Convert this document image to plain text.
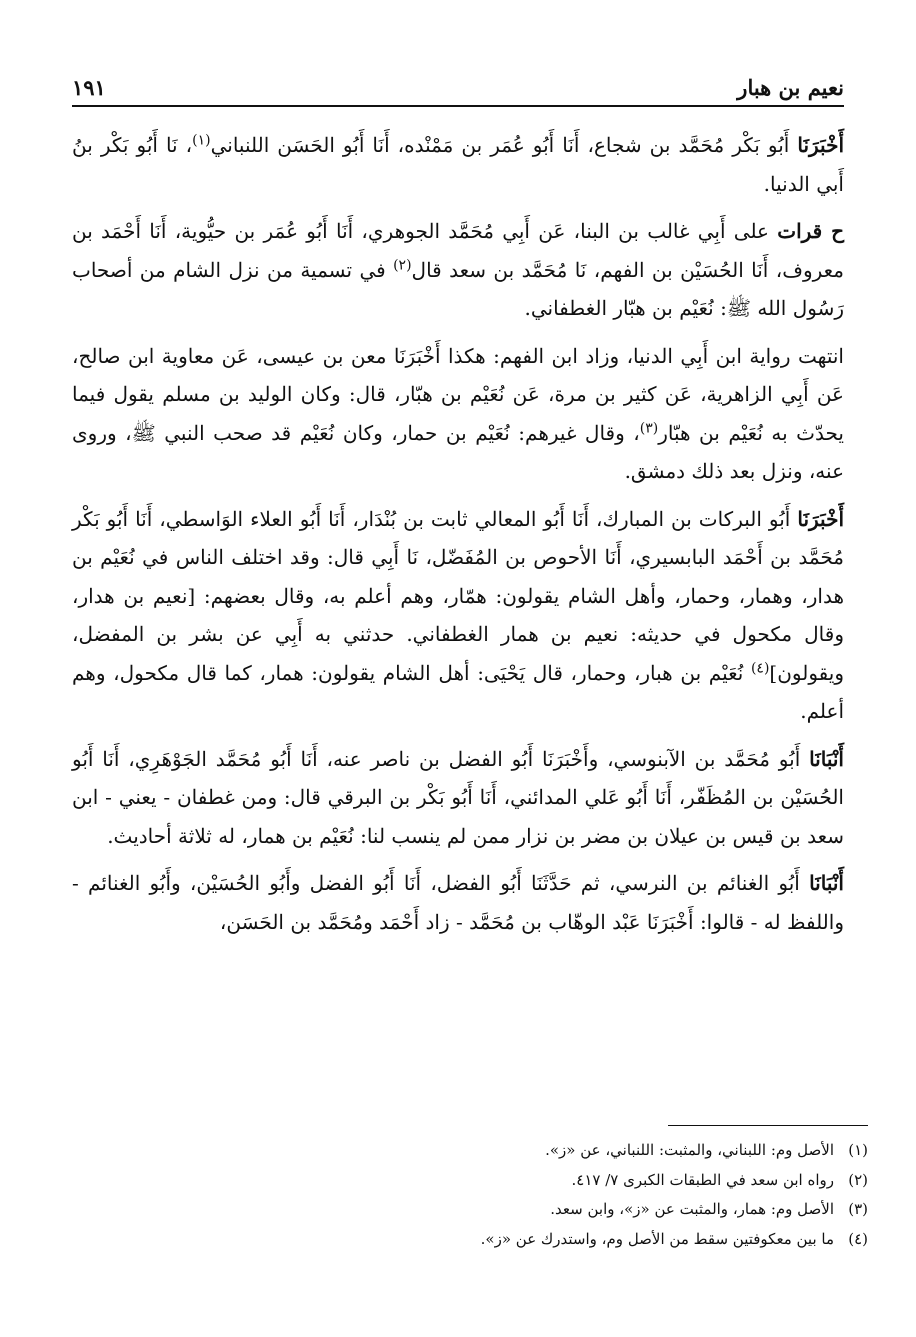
نعيم بن هبار
١٩١

أَخْبَرَنَا أَبُو بَكْر مُحَمَّد بن شجاع، أَنَا أَبُو عُمَر بن مَمْنْده، أَنَا أَبُو الحَسَن اللنباني$^{(١)}$، نَا أَبُو بَكْر بنُ أَبي الدنيا.

ح قرات على أَبِي غالب بن البنا، عَن أَبِي مُحَمَّد الجوهري، أَنَا أَبُو عُمَر بن حيُّوية، أَنَا أَحْمَد بن معروف، أَنَا الحُسَيْن بن الفهم، نَا مُحَمَّد بن سعد قال$^{(٢)}$ في تسمية من نزل الشام من أصحاب رَسُول الله ﷺ: نُعَيْم بن هبّار الغطفاني.

انتهت رواية ابن أَبِي الدنيا، وزاد ابن الفهم: هكذا أَخْبَرَنَا معن بن عيسى، عَن معاوية ابن صالح، عَن أَبِي الزاهرية، عَن كثير بن مرة، عَن نُعَيْم بن هبّار، قال: وكان الوليد بن مسلم يقول فيما يحدّث به نُعَيْم بن هبّار$^{(٣)}$، وقال غيرهم: نُعَيْم بن حمار، وكان نُعَيْم قد صحب النبي ﷺ، وروى عنه، ونزل بعد ذلك دمشق.

أَخْبَرَنَا أَبُو البركات بن المبارك، أَنَا أَبُو المعالي ثابت بن بُنْدَار، أَنَا أَبُو العلاء الوَاسطي، أَنَا أَبُو بَكْر مُحَمَّد بن أَحْمَد البابسيري، أَنَا الأحوص بن المُفَضّل، نَا أَبِي قال: وقد اختلف الناس في نُعَيْم بن هدار، وهمار، وحمار، وأهل الشام يقولون: همّار، وهم أعلم به، وقال بعضهم: [نعيم بن هدار، وقال مكحول في حديثه: نعيم بن همار الغطفاني. حدثني به أَبِي عن بشر بن المفضل، ويقولون]$^{(٤)}$ نُعَيْم بن هبار، وحمار، قال يَحْيَى: أهل الشام يقولون: همار، كما قال مكحول، وهم أعلم.

أَنْبَانَا أَبُو مُحَمَّد بن الآبنوسي، وأَخْبَرَنَا أَبُو الفضل بن ناصر عنه، أَنَا أَبُو مُحَمَّد الجَوْهَرِي، أَنَا أَبُو الحُسَيْن بن المُظَفّر، أَنَا أَبُو عَلي المدائني، أَنَا أَبُو بَكْر بن البرقي قال: ومن غطفان - يعني - ابن سعد بن قيس بن عيلان بن مضر بن نزار ممن لم ينسب لنا: نُعَيْم بن همار، له ثلاثة أحاديث.

أَنْبَانَا أَبُو الغنائم بن النرسي، ثم حَدَّثَنَا أَبُو الفضل، أَنَا أَبُو الفضل وأَبُو الحُسَيْن، وأَبُو الغنائم - واللفظ له - قالوا: أَخْبَرَنَا عَبْد الوهّاب بن مُحَمَّد - زاد أَحْمَد ومُحَمَّد بن الحَسَن،

(١)الأصل وم: اللبناني، والمثبت: اللنباني، عن «ز».

(٢)رواه ابن سعد في الطبقات الكبرى ٧/ ٤١٧.

(٣)الأصل وم: همار، والمثبت عن «ز»، وابن سعد.

(٤)ما بين معكوفتين سقط من الأصل وم، واستدرك عن «ز».
